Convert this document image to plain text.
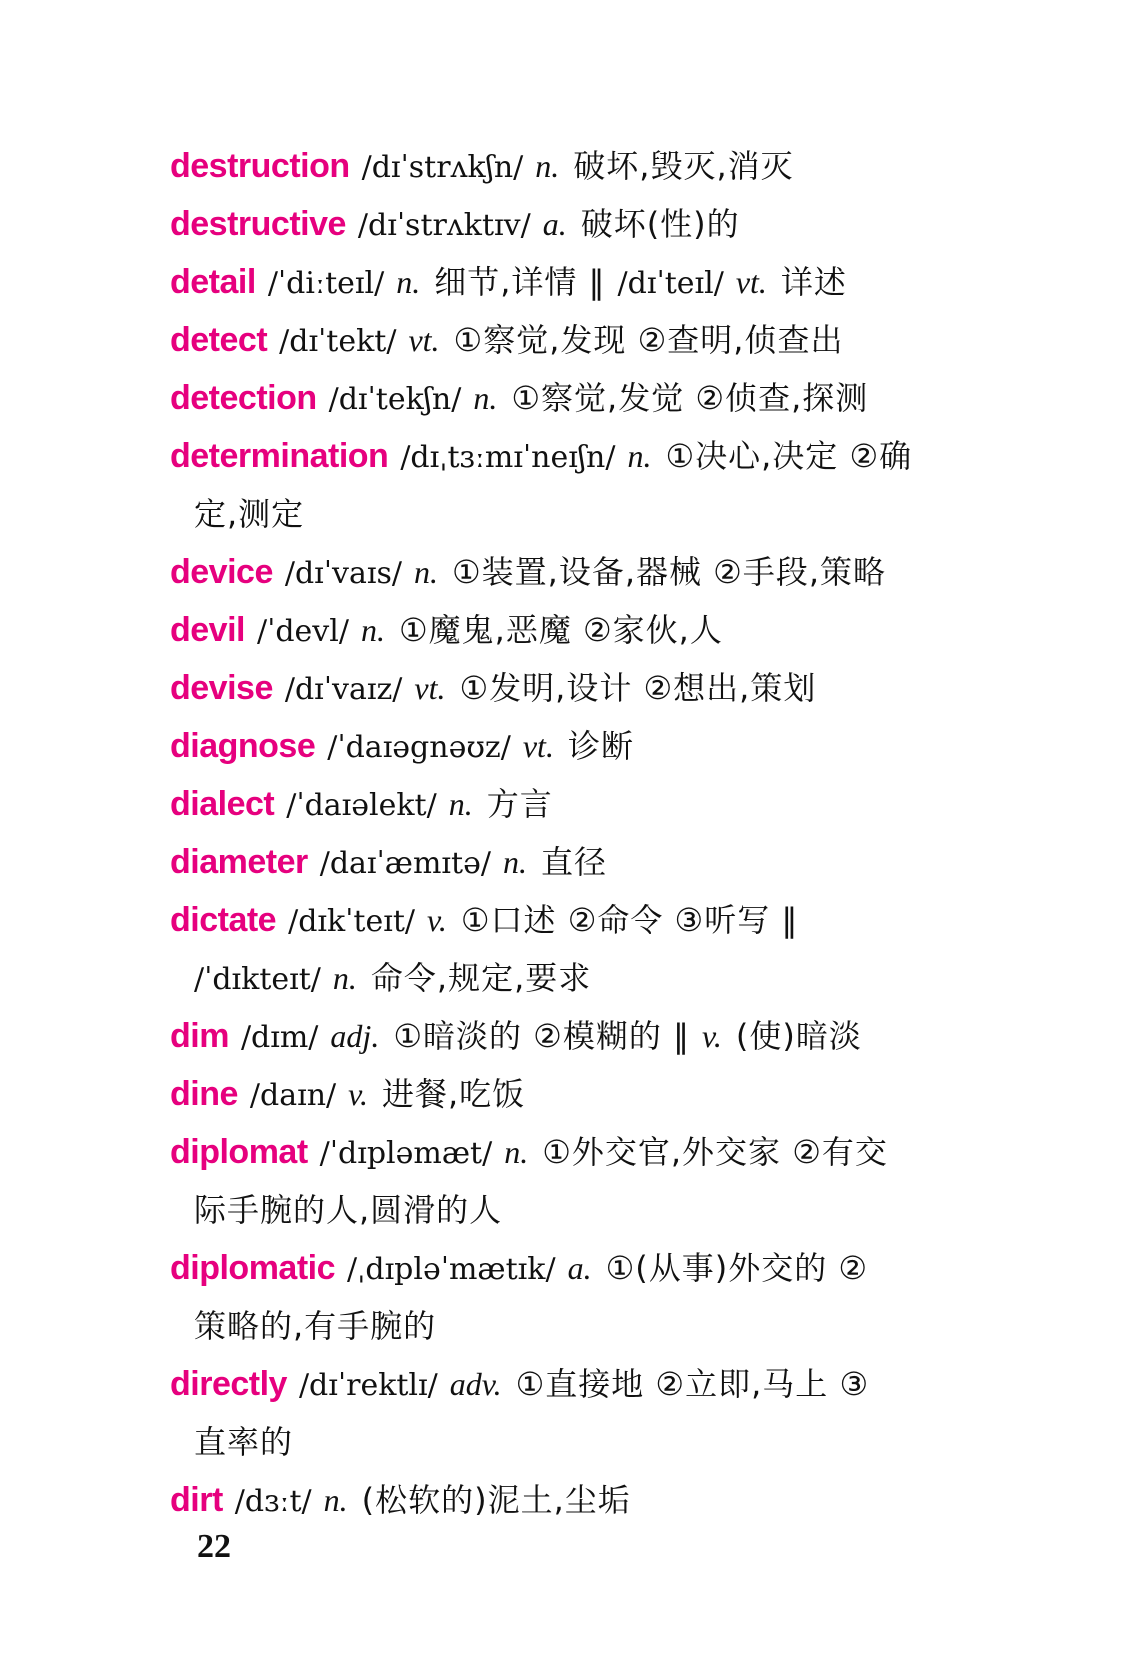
destruction /dɪˈstrʌkʃn/ n. 破坏,毁灭,消灭
destructive /dɪˈstrʌktɪv/ a. 破坏(性)的
detail /ˈdiːteɪl/ n. 细节,详情 ‖ /dɪˈteɪl/ vt. 详述
detect /dɪˈtekt/ vt. ①察觉,发现 ②查明,侦查出
detection /dɪˈtekʃn/ n. ①察觉,发觉 ②侦查,探测
determination /dɪˌtɜːmɪˈneɪʃn/ n. ①决心,决定 ②确
定,测定
device /dɪˈvaɪs/ n. ①装置,设备,器械 ②手段,策略
devil /ˈdevl/ n. ①魔鬼,恶魔 ②家伙,人
devise /dɪˈvaɪz/ vt. ①发明,设计 ②想出,策划
diagnose /ˈdaɪəgnəʊz/ vt. 诊断
dialect /ˈdaɪəlekt/ n. 方言
diameter /daɪˈæmɪtə/ n. 直径
dictate /dɪkˈteɪt/ v. ①口述 ②命令 ③听写 ‖
/ˈdɪkteɪt/ n. 命令,规定,要求
dim /dɪm/ adj. ①暗淡的 ②模糊的 ‖ v. (使)暗淡
dine /daɪn/ v. 进餐,吃饭
diplomat /ˈdɪpləmæt/ n. ①外交官,外交家 ②有交
际手腕的人,圆滑的人
diplomatic /ˌdɪpləˈmætɪk/ a. ①(从事)外交的 ②
策略的,有手腕的
directly /dɪˈrektlɪ/ adv. ①直接地 ②立即,马上 ③
直率的
dirt /dɜːt/ n. (松软的)泥土,尘垢
22
